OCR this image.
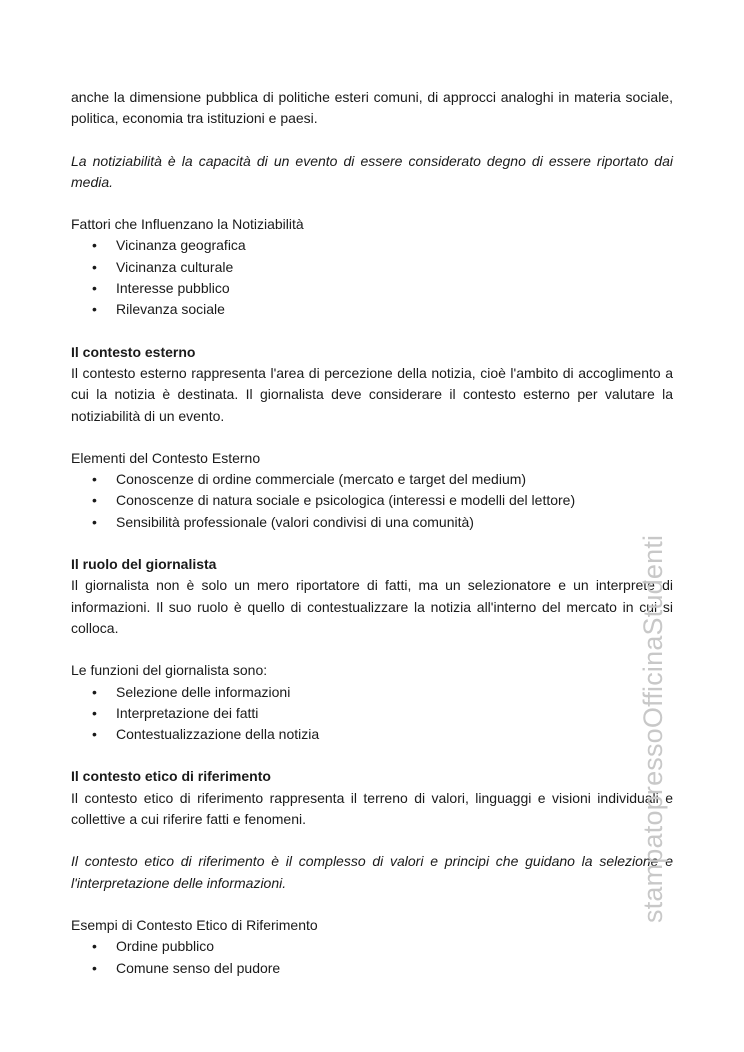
anche la dimensione pubblica di politiche esteri comuni, di approcci analoghi in materia sociale, politica, economia tra istituzioni e paesi.

La notiziabilità è la capacità di un evento di essere considerato degno di essere riportato dai media.

Fattori che Influenzano la Notiziabilità

• Vicinanza geografica
• Vicinanza culturale
• Interesse pubblico
• Rilevanza sociale

Il contesto esterno

Il contesto esterno rappresenta l'area di percezione della notizia, cioè l'ambito di accoglimento a cui la notizia è destinata. Il giornalista deve considerare il contesto esterno per valutare la notiziabilità di un evento.

Elementi del Contesto Esterno

• Conoscenze di ordine commerciale (mercato e target del medium)
• Conoscenze di natura sociale e psicologica (interessi e modelli del lettore)
• Sensibilità professionale (valori condivisi di una comunità)

Il ruolo del giornalista

Il giornalista non è solo un mero riportatore di fatti, ma un selezionatore e un interprete di informazioni. Il suo ruolo è quello di contestualizzare la notizia all'interno del mercato in cui si colloca.

Le funzioni del giornalista sono:

• Selezione delle informazioni
• Interpretazione dei fatti
• Contestualizzazione della notizia

Il contesto etico di riferimento

Il contesto etico di riferimento rappresenta il terreno di valori, linguaggi e visioni individuali e collettive a cui riferire fatti e fenomeni.

Il contesto etico di riferimento è il complesso di valori e principi che guidano la selezione e l'interpretazione delle informazioni.

Esempi di Contesto Etico di Riferimento

• Ordine pubblico
• Comune senso del pudore
stampatopressoOfficinaStudenti
